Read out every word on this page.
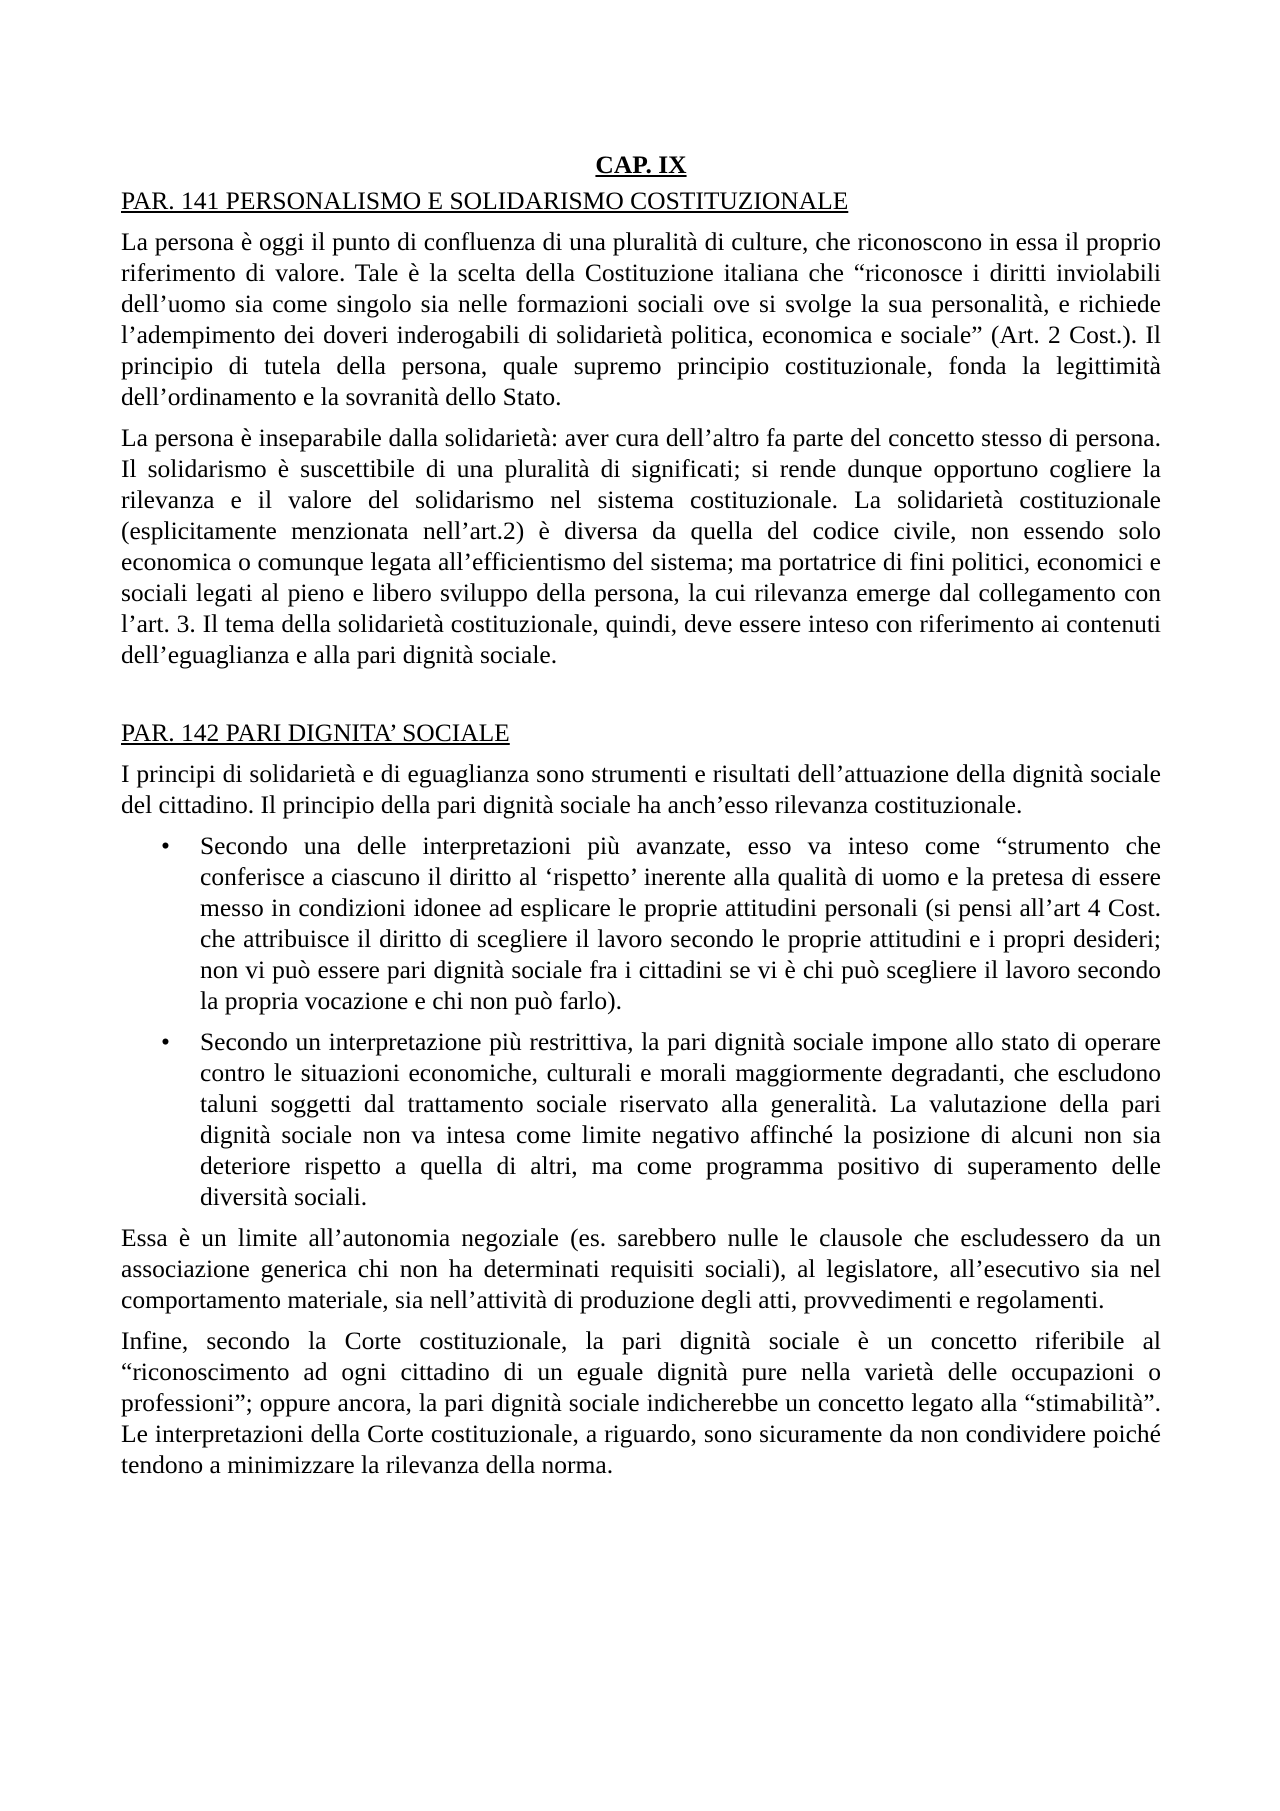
CAP. IX
PAR. 141 PERSONALISMO E SOLIDARISMO COSTITUZIONALE

La persona è oggi il punto di confluenza di una pluralità di culture, che riconoscono in essa il proprio riferimento di valore. Tale è la scelta della Costituzione italiana che “riconosce i diritti inviolabili dell’uomo sia come singolo sia nelle formazioni sociali ove si svolge la sua personalità, e richiede l’adempimento dei doveri inderogabili di solidarietà politica, economica e sociale” (Art. 2 Cost.). Il principio di tutela della persona, quale supremo principio costituzionale, fonda la legittimità dell’ordinamento e la sovranità dello Stato.

La persona è inseparabile dalla solidarietà: aver cura dell’altro fa parte del concetto stesso di persona. Il solidarismo è suscettibile di una pluralità di significati; si rende dunque opportuno cogliere la rilevanza e il valore del solidarismo nel sistema costituzionale. La solidarietà costituzionale (esplicitamente menzionata nell’art.2) è diversa da quella del codice civile, non essendo solo economica o comunque legata all’efficientismo del sistema; ma portatrice di fini politici, economici e sociali legati al pieno e libero sviluppo della persona, la cui rilevanza emerge dal collegamento con l’art. 3. Il tema della solidarietà costituzionale, quindi, deve essere inteso con riferimento ai contenuti dell’eguaglianza e alla pari dignità sociale.

PAR. 142 PARI DIGNITA’ SOCIALE

I principi di solidarietà e di eguaglianza sono strumenti e risultati dell’attuazione della dignità sociale del cittadino. Il principio della pari dignità sociale ha anch’esso rilevanza costituzionale.

• Secondo una delle interpretazioni più avanzate, esso va inteso come “strumento che conferisce a ciascuno il diritto al ‘rispetto’ inerente alla qualità di uomo e la pretesa di essere messo in condizioni idonee ad esplicare le proprie attitudini personali (si pensi all’art 4 Cost. che attribuisce il diritto di scegliere il lavoro secondo le proprie attitudini e i propri desideri; non vi può essere pari dignità sociale fra i cittadini se vi è chi può scegliere il lavoro secondo la propria vocazione e chi non può farlo).
• Secondo un interpretazione più restrittiva, la pari dignità sociale impone allo stato di operare contro le situazioni economiche, culturali e morali maggiormente degradanti, che escludono taluni soggetti dal trattamento sociale riservato alla generalità. La valutazione della pari dignità sociale non va intesa come limite negativo affinché la posizione di alcuni non sia deteriore rispetto a quella di altri, ma come programma positivo di superamento delle diversità sociali.

Essa è un limite all’autonomia negoziale (es. sarebbero nulle le clausole che escludessero da un associazione generica chi non ha determinati requisiti sociali), al legislatore, all’esecutivo sia nel comportamento materiale, sia nell’attività di produzione degli atti, provvedimenti e regolamenti.

Infine, secondo la Corte costituzionale, la pari dignità sociale è un concetto riferibile al “riconoscimento ad ogni cittadino di un eguale dignità pure nella varietà delle occupazioni o professioni”; oppure ancora, la pari dignità sociale indicherebbe un concetto legato alla “stimabilità”. Le interpretazioni della Corte costituzionale, a riguardo, sono sicuramente da non condividere poiché tendono a minimizzare la rilevanza della norma.
